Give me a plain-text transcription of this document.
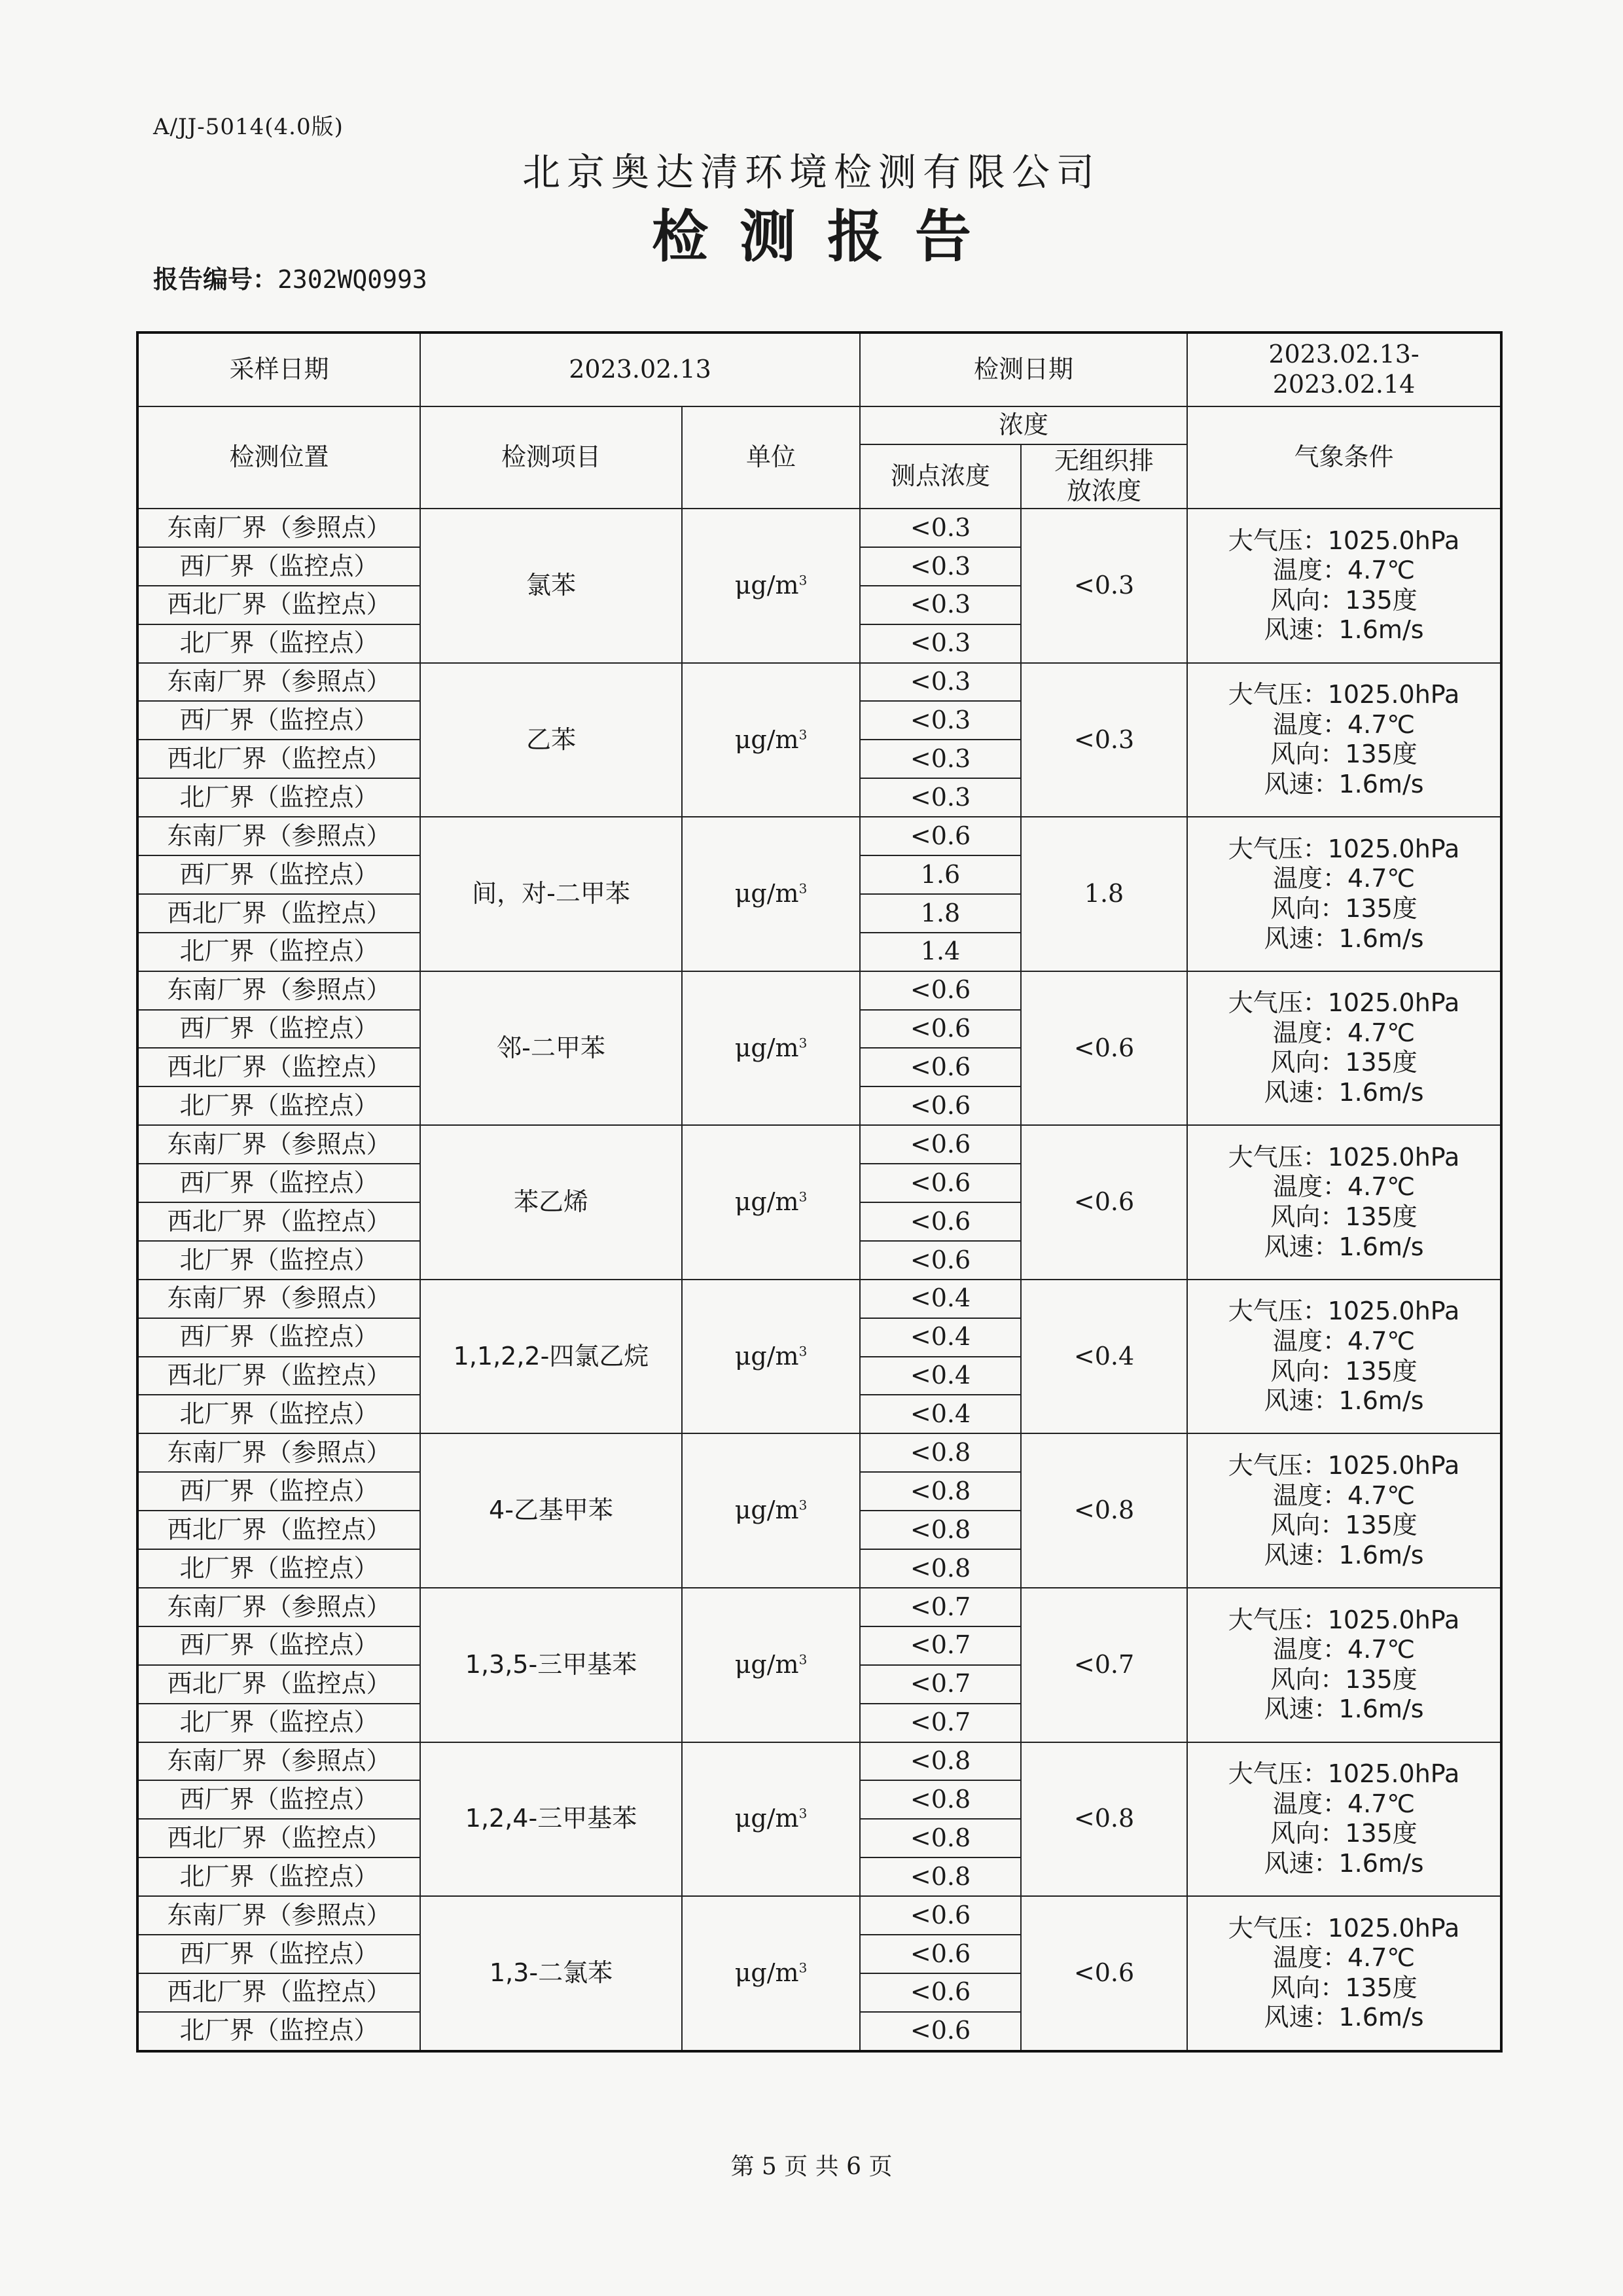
A/JJ-5014(4.0版)
北京奥达清环境检测有限公司
检测报告
报告编号：2302WQ0993
采样日期	2023.02.13		检测日期		2023.02.13-
2023.02.14

检测位置	检测项目	单位	浓度		气象条件
			测点浓度	无组织排
放浓度	

东南厂界（参照点）	氯苯	$\mu g/m^3$	<0.3	<0.3	大气压：1025.0hPa
温度：4.7℃
风向：135度
风速：1.6m/s

西厂界（监控点）			<0.3		
西北厂界（监控点）			<0.3		
北厂界（监控点）			<0.3		
东南厂界（参照点）	乙苯	$\mu g/m^3$	<0.3	<0.3	大气压：1025.0hPa
温度：4.7℃
风向：135度
风速：1.6m/s

西厂界（监控点）			<0.3		
西北厂界（监控点）			<0.3		
北厂界（监控点）			<0.3		
东南厂界（参照点）	间，对-二甲苯	$\mu g/m^3$	<0.6	1.8	大气压：1025.0hPa
温度：4.7℃
风向：135度
风速：1.6m/s

西厂界（监控点）			1.6		
西北厂界（监控点）			1.8		
北厂界（监控点）			1.4		
东南厂界（参照点）	邻-二甲苯	$\mu g/m^3$	<0.6	<0.6	大气压：1025.0hPa
温度：4.7℃
风向：135度
风速：1.6m/s

西厂界（监控点）			<0.6		
西北厂界（监控点）			<0.6		
北厂界（监控点）			<0.6		
东南厂界（参照点）	苯乙烯	$\mu g/m^3$	<0.6	<0.6	大气压：1025.0hPa
温度：4.7℃
风向：135度
风速：1.6m/s

西厂界（监控点）			<0.6		
西北厂界（监控点）			<0.6		
北厂界（监控点）			<0.6		
东南厂界（参照点）	1,1,2,2-四氯乙烷	$\mu g/m^3$	<0.4	<0.4	大气压：1025.0hPa
温度：4.7℃
风向：135度
风速：1.6m/s

西厂界（监控点）			<0.4		
西北厂界（监控点）			<0.4		
北厂界（监控点）			<0.4		
东南厂界（参照点）	4-乙基甲苯	$\mu g/m^3$	<0.8	<0.8	大气压：1025.0hPa
温度：4.7℃
风向：135度
风速：1.6m/s

西厂界（监控点）			<0.8		
西北厂界（监控点）			<0.8		
北厂界（监控点）			<0.8		
东南厂界（参照点）	1,3,5-三甲基苯	$\mu g/m^3$	<0.7	<0.7	大气压：1025.0hPa
温度：4.7℃
风向：135度
风速：1.6m/s

西厂界（监控点）			<0.7		
西北厂界（监控点）			<0.7		
北厂界（监控点）			<0.7		
东南厂界（参照点）	1,2,4-三甲基苯	$\mu g/m^3$	<0.8	<0.8	大气压：1025.0hPa
温度：4.7℃
风向：135度
风速：1.6m/s

西厂界（监控点）			<0.8		
西北厂界（监控点）			<0.8		
北厂界（监控点）			<0.8		
东南厂界（参照点）	1,3-二氯苯	$\mu g/m^3$	<0.6	<0.6	大气压：1025.0hPa
温度：4.7℃
风向：135度
风速：1.6m/s

西厂界（监控点）			<0.6		
西北厂界（监控点）			<0.6		
北厂界（监控点）			<0.6		
第 5 页 共 6 页
